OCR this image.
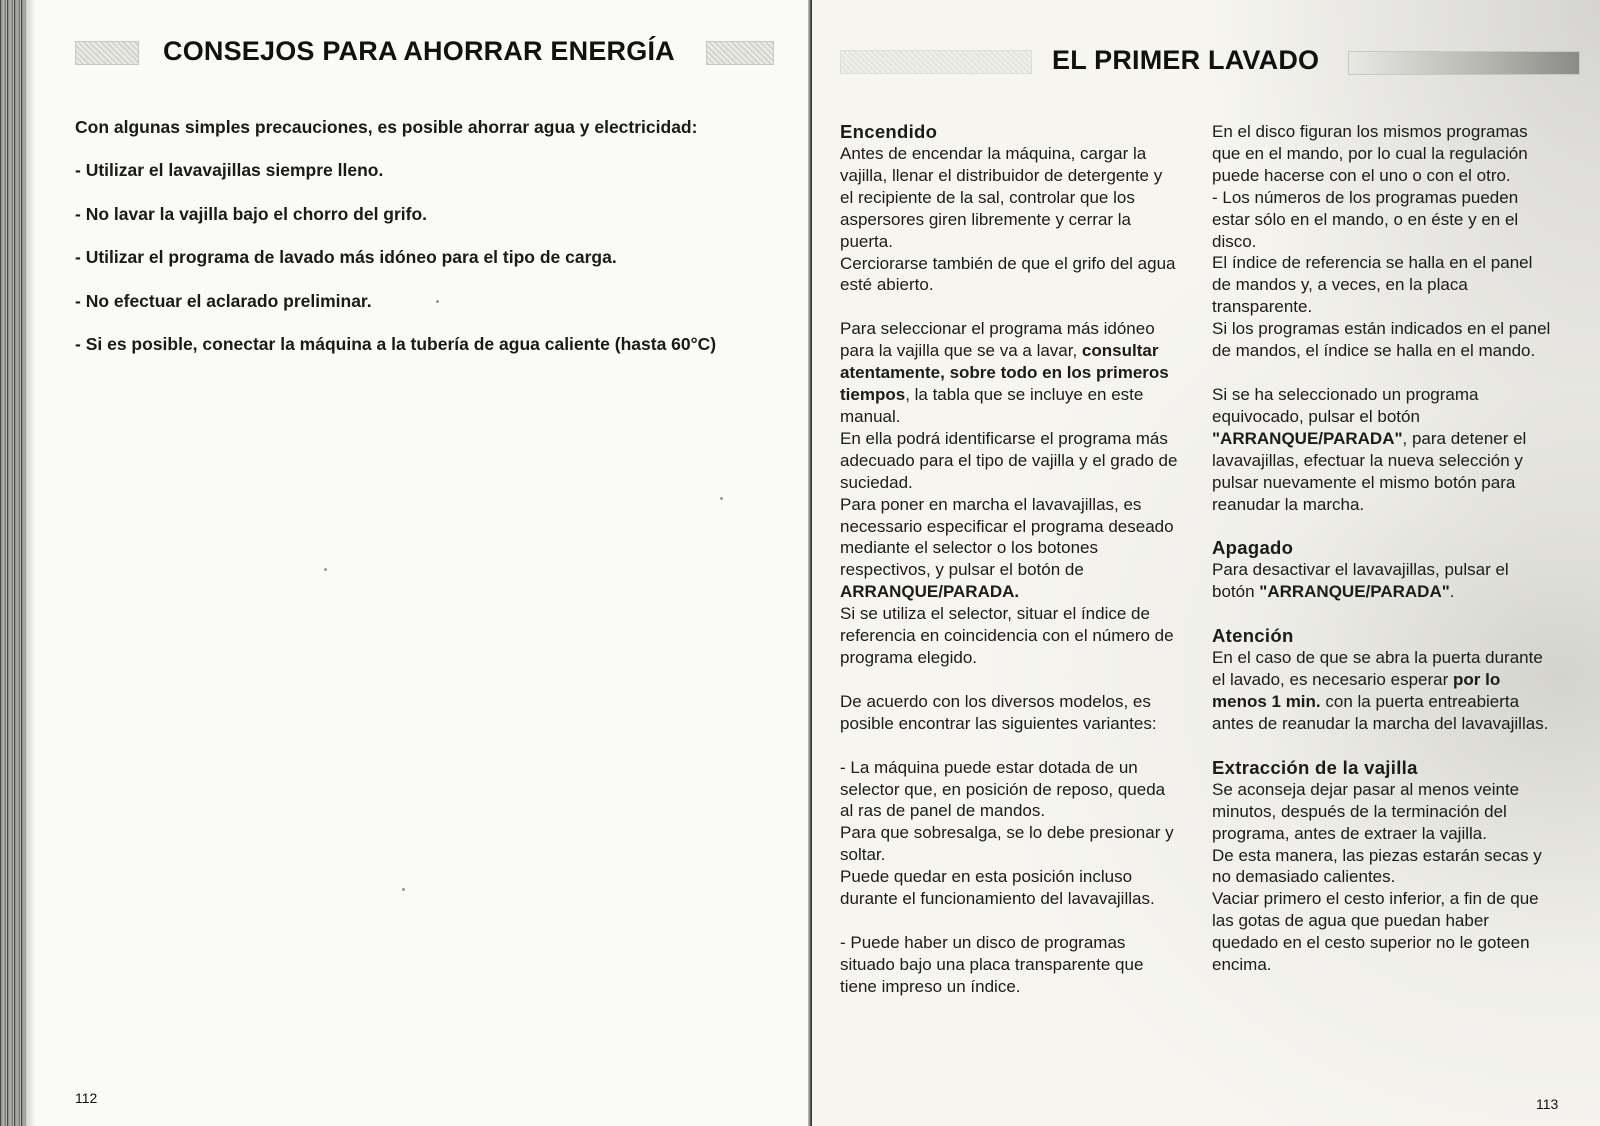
CONSEJOS PARA AHORRAR ENERGÍA

Con algunas simples precauciones, es posible ahorrar agua y electricidad:

- Utilizar el lavavajillas siempre lleno.
- No lavar la vajilla bajo el chorro del grifo.
- Utilizar el programa de lavado más idóneo para el tipo de carga.
- No efectuar el aclarado preliminar.
- Si es posible, conectar la máquina a la tubería de agua caliente (hasta 60°C)
112
EL PRIMER LAVADO
113
Encendido

Antes de encendar la máquina, cargar la vajilla, llenar el distribuidor de detergente y el recipiente de la sal, controlar que los aspersores giren libremente y cerrar la puerta.

Cerciorarse también de que el grifo del agua esté abierto.

Para seleccionar el programa más idóneo para la vajilla que se va a lavar, consultar atentamente, sobre todo en los primeros tiempos, la tabla que se incluye en este manual.

En ella podrá identificarse el programa más adecuado para el tipo de vajilla y el grado de suciedad.

Para poner en marcha el lavavajillas, es necessario especificar el programa deseado mediante el selector o los botones respectivos, y pulsar el botón de ARRANQUE/PARADA.

Si se utiliza el selector, situar el índice de referencia en coincidencia con el número de programa elegido.

De acuerdo con los diversos modelos, es posible encontrar las siguientes variantes:

- La máquina puede estar dotada de un selector que, en posición de reposo, queda al ras de panel de mandos.

Para que sobresalga, se lo debe presionar y soltar.

Puede quedar en esta posición incluso durante el funcionamiento del lavavajillas.

- Puede haber un disco de programas situado bajo una placa transparente que tiene impreso un índice.

En el disco figuran los mismos programas que en el mando, por lo cual la regulación puede hacerse con el uno o con el otro.

- Los números de los programas pueden estar sólo en el mando, o en éste y en el disco.

El índice de referencia se halla en el panel de mandos y, a veces, en la placa transparente.

Si los programas están indicados en el panel de mandos, el índice se halla en el mando.

Si se ha seleccionado un programa equivocado, pulsar el botón "ARRANQUE/PARADA", para detener el lavavajillas, efectuar la nueva selección y pulsar nuevamente el mismo botón para reanudar la marcha.

Apagado

Para desactivar el lavavajillas, pulsar el botón "ARRANQUE/PARADA".

Atención

En el caso de que se abra la puerta durante el lavado, es necesario esperar por lo menos 1 min. con la puerta entreabierta antes de reanudar la marcha del lavavajillas.

Extracción de la vajilla

Se aconseja dejar pasar al menos veinte minutos, después de la terminación del programa, antes de extraer la vajilla.

De esta manera, las piezas estarán secas y no demasiado calientes.

Vaciar primero el cesto inferior, a fin de que las gotas de agua que puedan haber quedado en el cesto superior no le goteen encima.
